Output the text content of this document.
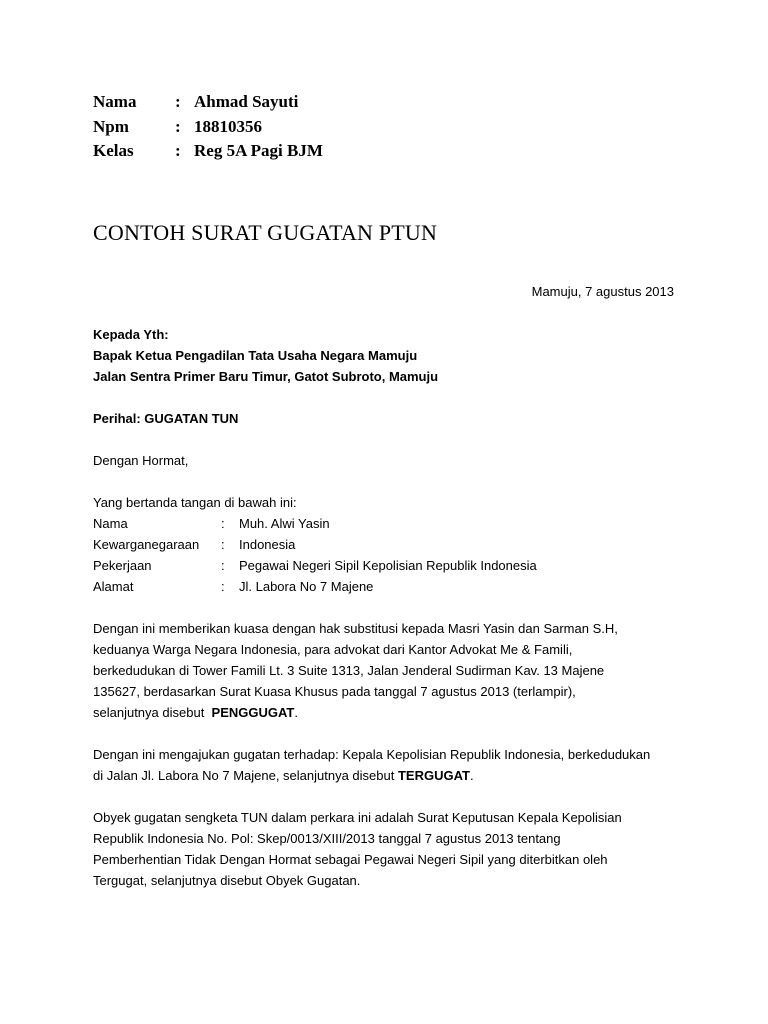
Nama	: Ahmad Sayuti
Npm	: 18810356
Kelas	: Reg 5A Pagi BJM
CONTOH SURAT GUGATAN PTUN
Mamuju, 7 agustus 2013
Kepada Yth:
Bapak Ketua Pengadilan Tata Usaha Negara Mamuju
Jalan Sentra Primer Baru Timur, Gatot Subroto, Mamuju
Perihal: GUGATAN TUN
Dengan Hormat,
Yang bertanda tangan di bawah ini:
Nama	:	Muh. Alwi Yasin
Kewarganegaraan	:	Indonesia
Pekerjaan	:	Pegawai Negeri Sipil Kepolisian Republik Indonesia
Alamat	:	Jl. Labora No 7 Majene
Dengan ini memberikan kuasa dengan hak substitusi kepada Masri Yasin dan Sarman S.H,
keduanya Warga Negara Indonesia, para advokat dari Kantor Advokat Me & Famili,
berkedudukan di Tower Famili Lt. 3 Suite 1313, Jalan Jenderal Sudirman Kav. 13 Majene
135627, berdasarkan Surat Kuasa Khusus pada tanggal 7 agustus 2013 (terlampir),
selanjutnya disebut  PENGGUGAT.
Dengan ini mengajukan gugatan terhadap: Kepala Kepolisian Republik Indonesia, berkedudukan
di Jalan Jl. Labora No 7 Majene, selanjutnya disebut TERGUGAT.
Obyek gugatan sengketa TUN dalam perkara ini adalah Surat Keputusan Kepala Kepolisian
Republik Indonesia No. Pol: Skep/0013/XIII/2013 tanggal 7 agustus 2013 tentang
Pemberhentian Tidak Dengan Hormat sebagai Pegawai Negeri Sipil yang diterbitkan oleh
Tergugat, selanjutnya disebut Obyek Gugatan.
